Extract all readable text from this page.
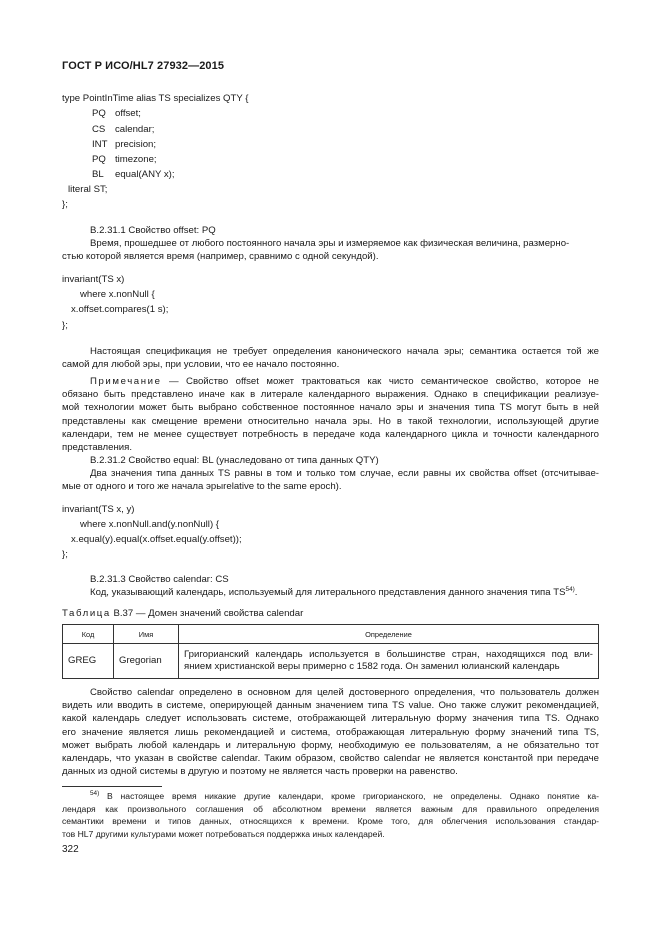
ГОСТ Р ИСО/HL7 27932—2015
type PointInTime alias TS specializes QTY {
PQ offset;
CS calendar;
INT precision;
PQ timezone;
BL equal(ANY x);
literal ST;
};
B.2.31.1 Свойство offset: PQ
Время, прошедшее от любого постоянного начала эры и измеряемое как физическая величина, размерно-
стью которой является время (например, сравнимо с одной секундой).
invariant(TS x)
where x.nonNull {
x.offset.compares(1 s);
};
Настоящая спецификация не требует определения канонического начала эры; семантика остается той же
самой для любой эры, при условии, что ее начало постоянно.
Примечание — Свойство offset может трактоваться как чисто семантическое свойство, которое не
обязано быть представлено иначе как в литерале календарного выражения. Однако в спецификации реализуе-
мой технологии может быть выбрано собственное постоянное начало эры и значения типа TS могут быть в ней
представлены как смещение времени относительно начала эры. Но в такой технологии, использующей другие
календари, тем не менее существует потребность в передаче кода календарного цикла и точности календарного
представления.
B.2.31.2 Свойство equal: BL (унаследовано от типа данных QTY)
Два значения типа данных TS равны в том и только том случае, если равны их свойства offset (отсчитывае-
мые от одного и того же начала эрыrelative to the same epoch).
invariant(TS x, y)
where x.nonNull.and(y.nonNull) {
x.equal(y).equal(x.offset.equal(y.offset));
};
B.2.31.3 Свойство calendar: CS
Код, указывающий календарь, используемый для литерального представления данного значения типа TS$^{54)}$.
Таблица B.37 — Домен значений свойства calendar
Код	Имя	Определение
GREG	Gregorian	Григорианский календарь используется в большинстве стран, находящихся под вли-
янием христианской веры примерно с 1582 года. Он заменил юлианский календарь
Свойство calendar определено в основном для целей достоверного определения, что пользователь должен
видеть или вводить в системе, оперирующей данным значением типа TS value. Оно также служит рекомендацией,
какой календарь следует использовать системе, отображающей литеральную форму значения типа TS. Однако
его значение является лишь рекомендацией и система, отображающая литеральную форму значений типа TS,
может выбрать любой календарь и литеральную форму, необходимую ее пользователям, а не обязательно тот
календарь, что указан в свойстве calendar. Таким образом, свойство calendar не является константой при передаче
данных из одной системы в другую и поэтому не является часть проверки на равенство.
$^{54)}$ В настоящее время никакие другие календари, кроме григорианского, не определены. Однако понятие ка-
лендаря как произвольного соглашения об абсолютном времени является важным для правильного определения
семантики времени и типов данных, относящихся к времени. Кроме того, для облегчения использования стандар-
тов HL7 другими культурами может потребоваться поддержка иных календарей.
322
